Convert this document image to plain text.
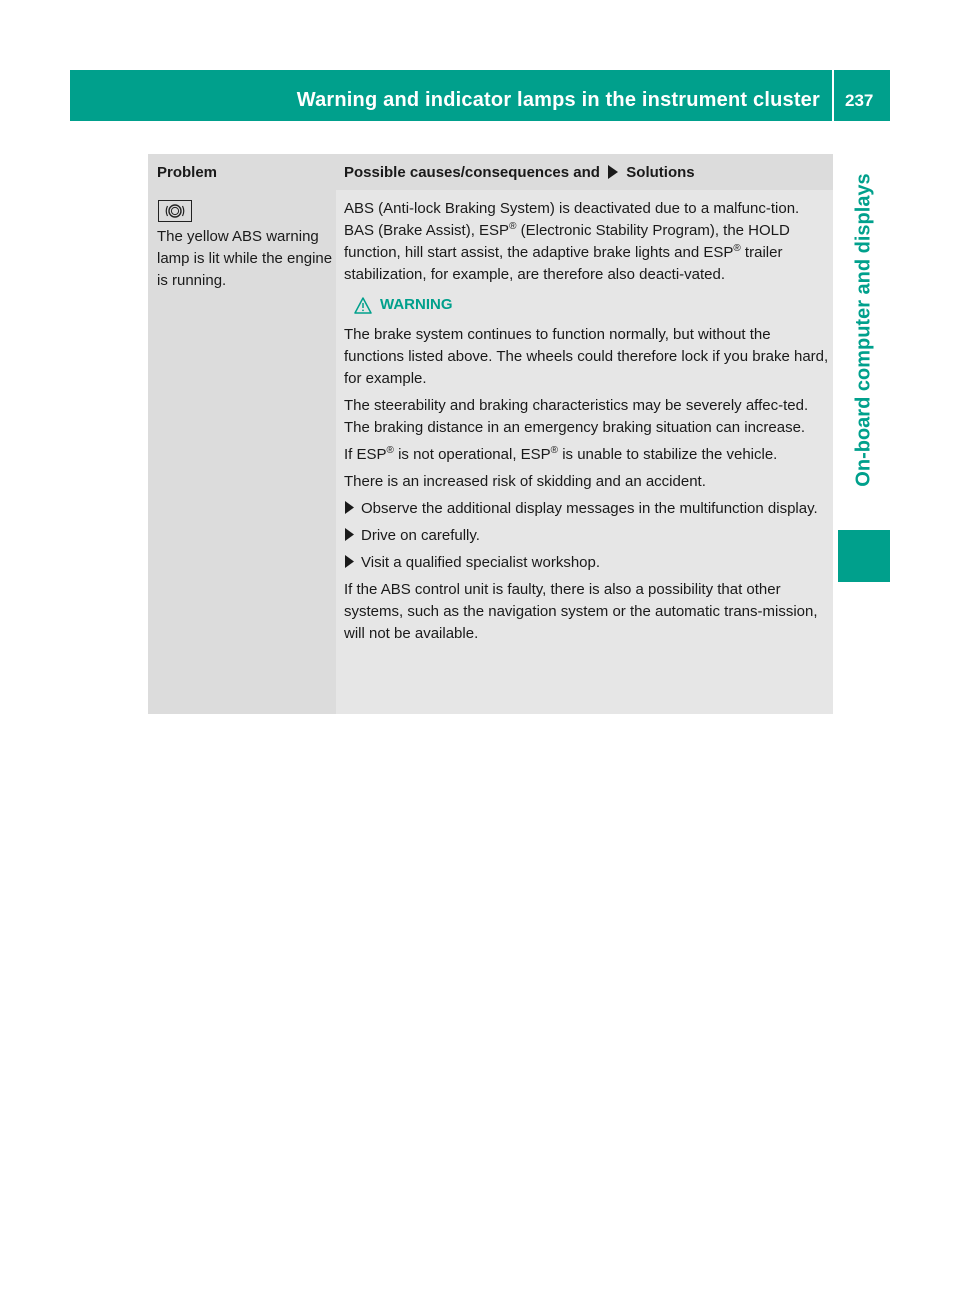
Warning and indicator lamps in the instrument cluster 237
On-board computer and displays
Problem	Possible causes/consequences and Solutions
The yellow ABS warning lamp is lit while the engine is running.

ABS (Anti-lock Braking System) is deactivated due to a malfunc-tion. BAS (Brake Assist), ESP® (Electronic Stability Program), the HOLD function, hill start assist, the adaptive brake lights and ESP® trailer stabilization, for example, are therefore also deacti-vated.

WARNING

The brake system continues to function normally, but without the functions listed above. The wheels could therefore lock if you brake hard, for example.

The steerability and braking characteristics may be severely affec-ted. The braking distance in an emergency braking situation can increase.

If ESP® is not operational, ESP® is unable to stabilize the vehicle.

There is an increased risk of skidding and an accident.

Observe the additional display messages in the multifunction display.
Drive on carefully.
Visit a qualified specialist workshop.

If the ABS control unit is faulty, there is also a possibility that other systems, such as the navigation system or the automatic trans-mission, will not be available.
